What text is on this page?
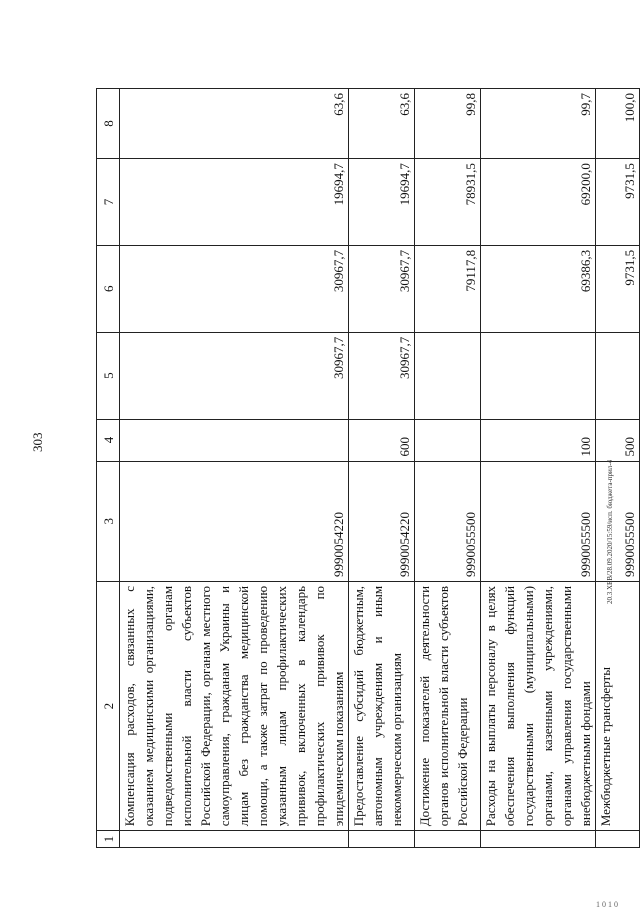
303
1	2	3	4	5	6	7	8
	Компенсация расходов, связанных с оказанием медицинскими организациями, подведомственными органам исполнительной власти субъектов Российской Федерации, органам местного самоуправления, гражданам Украины и лицам без гражданства медицинской помощи, а также затрат по проведению указанным лицам профилактических прививок, включенных в календарь профилактических прививок по эпидемическим показаниям	9990054220		30967,7	30967,7	19694,7	63,6
	Предоставление субсидий бюджетным, автономным учреждениям и иным некоммерческим организациям	9990054220	600	30967,7	30967,7	19694,7	63,6
	Достижение показателей деятельности органов исполнительной власти субъектов Российской Федерации	9990055500			79117,8	78931,5	99,8
	Расходы на выплаты персоналу в целях обеспечения выполнения функций государственными (муниципальными) органами, казенными учреждениями, органами управления государственными внебюджетными фондами	9990055500	100		69386,3	69200,0	99,7
	Межбюджетные трансферты	9990055500	500		9731,5	9731,5	100,0
20.3.XEB/28.09.2020/15:59/исп. бюджета-прил-4
1 0 1 0
